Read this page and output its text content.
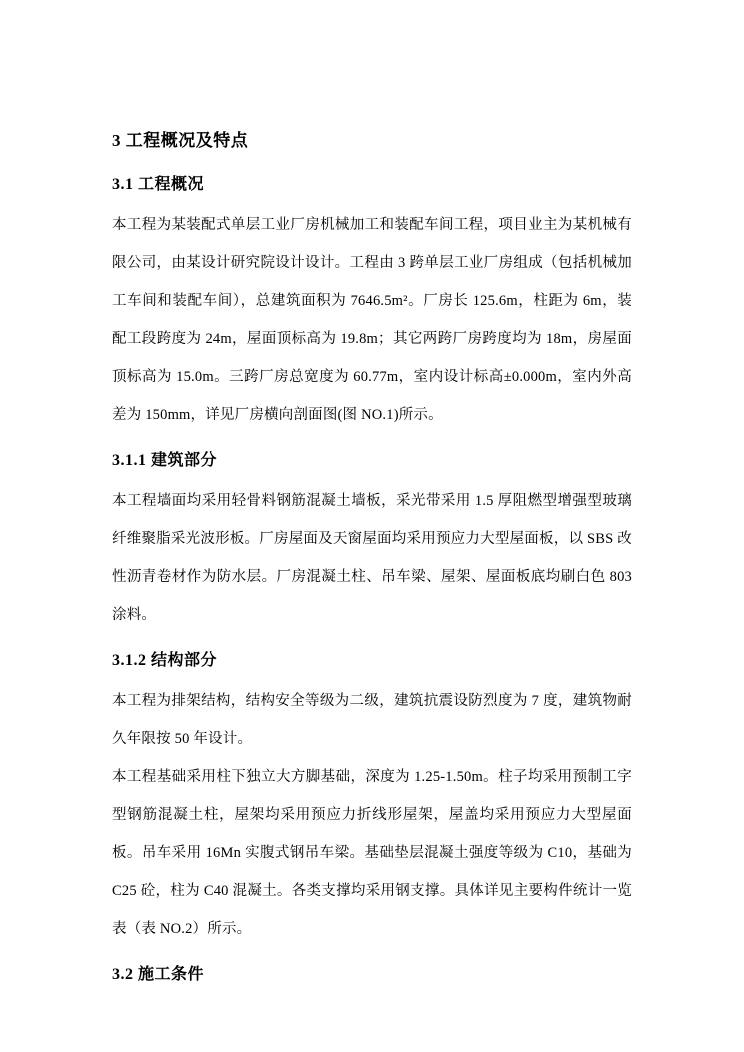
3 工程概况及特点
3.1 工程概况

本工程为某装配式单层工业厂房机械加工和装配车间工程，项目业主为某机械有限公司，由某设计研究院设计设计。工程由 3 跨单层工业厂房组成（包括机械加工车间和装配车间），总建筑面积为 7646.5m²。厂房长 125.6m，柱距为 6m，装配工段跨度为 24m，屋面顶标高为 19.8m；其它两跨厂房跨度均为 18m，房屋面顶标高为 15.0m。三跨厂房总宽度为 60.77m，室内设计标高±0.000m，室内外高差为 150mm，详见厂房横向剖面图(图 NO.1)所示。

3.1.1 建筑部分

本工程墙面均采用轻骨料钢筋混凝土墙板，采光带采用 1.5 厚阻燃型增强型玻璃纤维聚脂采光波形板。厂房屋面及天窗屋面均采用预应力大型屋面板，以 SBS 改性沥青卷材作为防水层。厂房混凝土柱、吊车梁、屋架、屋面板底均刷白色 803 涂料。

3.1.2 结构部分

本工程为排架结构，结构安全等级为二级，建筑抗震设防烈度为 7 度，建筑物耐久年限按 50 年设计。

本工程基础采用柱下独立大方脚基础，深度为 1.25-1.50m。柱子均采用预制工字型钢筋混凝土柱，屋架均采用预应力折线形屋架，屋盖均采用预应力大型屋面板。吊车采用 16Mn 实腹式钢吊车梁。基础垫层混凝土强度等级为 C10，基础为 C25 砼，柱为 C40 混凝土。各类支撑均采用钢支撑。具体详见主要构件统计一览表（表 NO.2）所示。

3.2 施工条件
